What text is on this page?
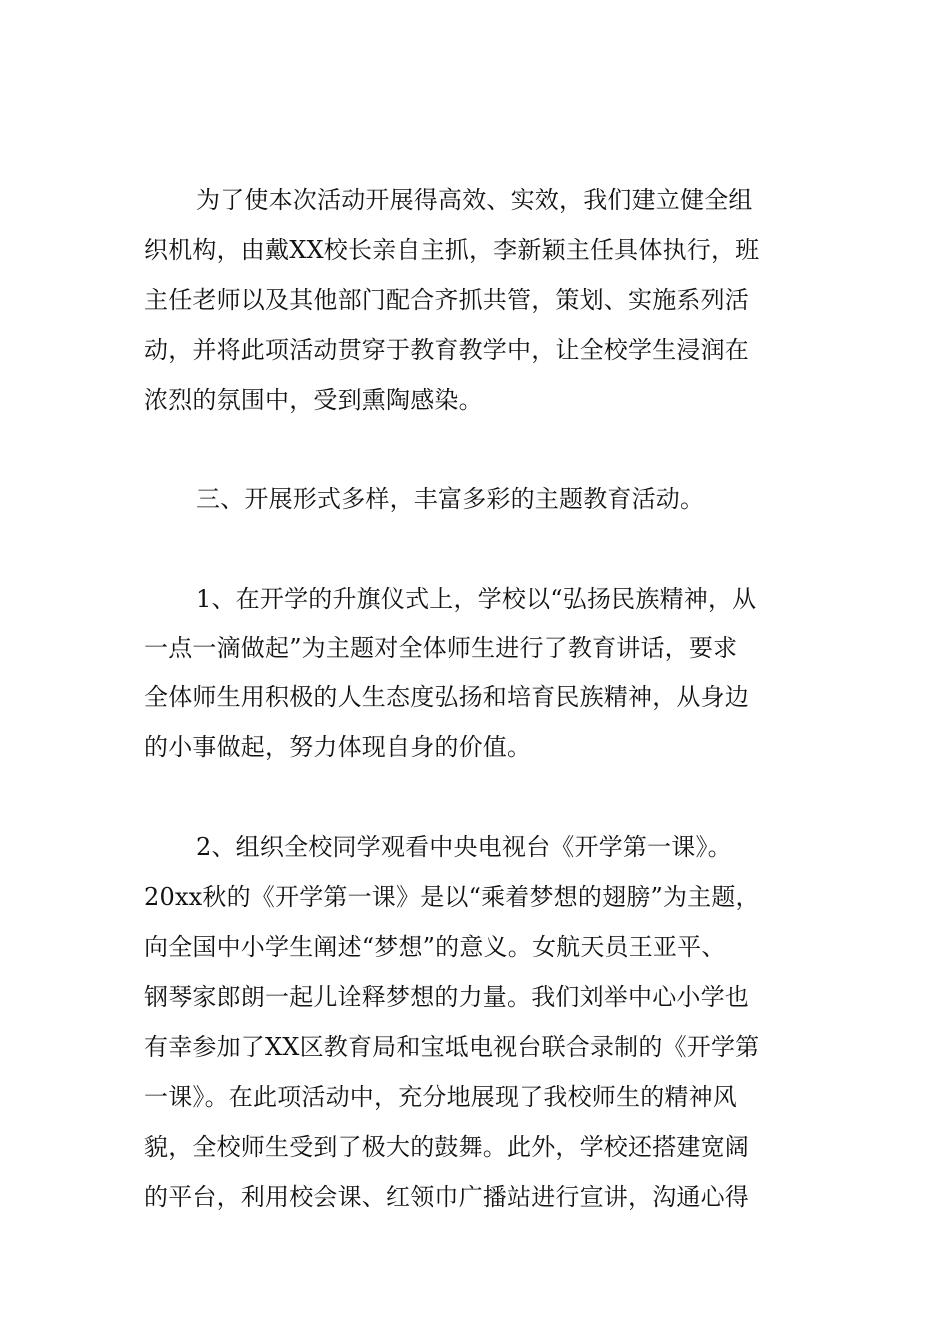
为了使本次活动开展得高效、实效，我们建立健全组

织机构，由戴XX校长亲自主抓，李新颖主任具体执行，班

主任老师以及其他部门配合齐抓共管，策划、实施系列活

动，并将此项活动贯穿于教育教学中，让全校学生浸润在

浓烈的氛围中，受到熏陶感染。

三、开展形式多样，丰富多彩的主题教育活动。

1、在开学的升旗仪式上，学校以“弘扬民族精神，从

一点一滴做起”为主题对全体师生进行了教育讲话，要求

全体师生用积极的人生态度弘扬和培育民族精神，从身边

的小事做起，努力体现自身的价值。

2、组织全校同学观看中央电视台《开学第一课》。

20xx秋的《开学第一课》是以“乘着梦想的翅膀”为主题，

向全国中小学生阐述“梦想”的意义。女航天员王亚平、

钢琴家郎朗一起儿诠释梦想的力量。我们刘举中心小学也

有幸参加了XX区教育局和宝坻电视台联合录制的《开学第

一课》。在此项活动中，充分地展现了我校师生的精神风

貌，全校师生受到了极大的鼓舞。此外，学校还搭建宽阔

的平台，利用校会课、红领巾广播站进行宣讲，沟通心得
